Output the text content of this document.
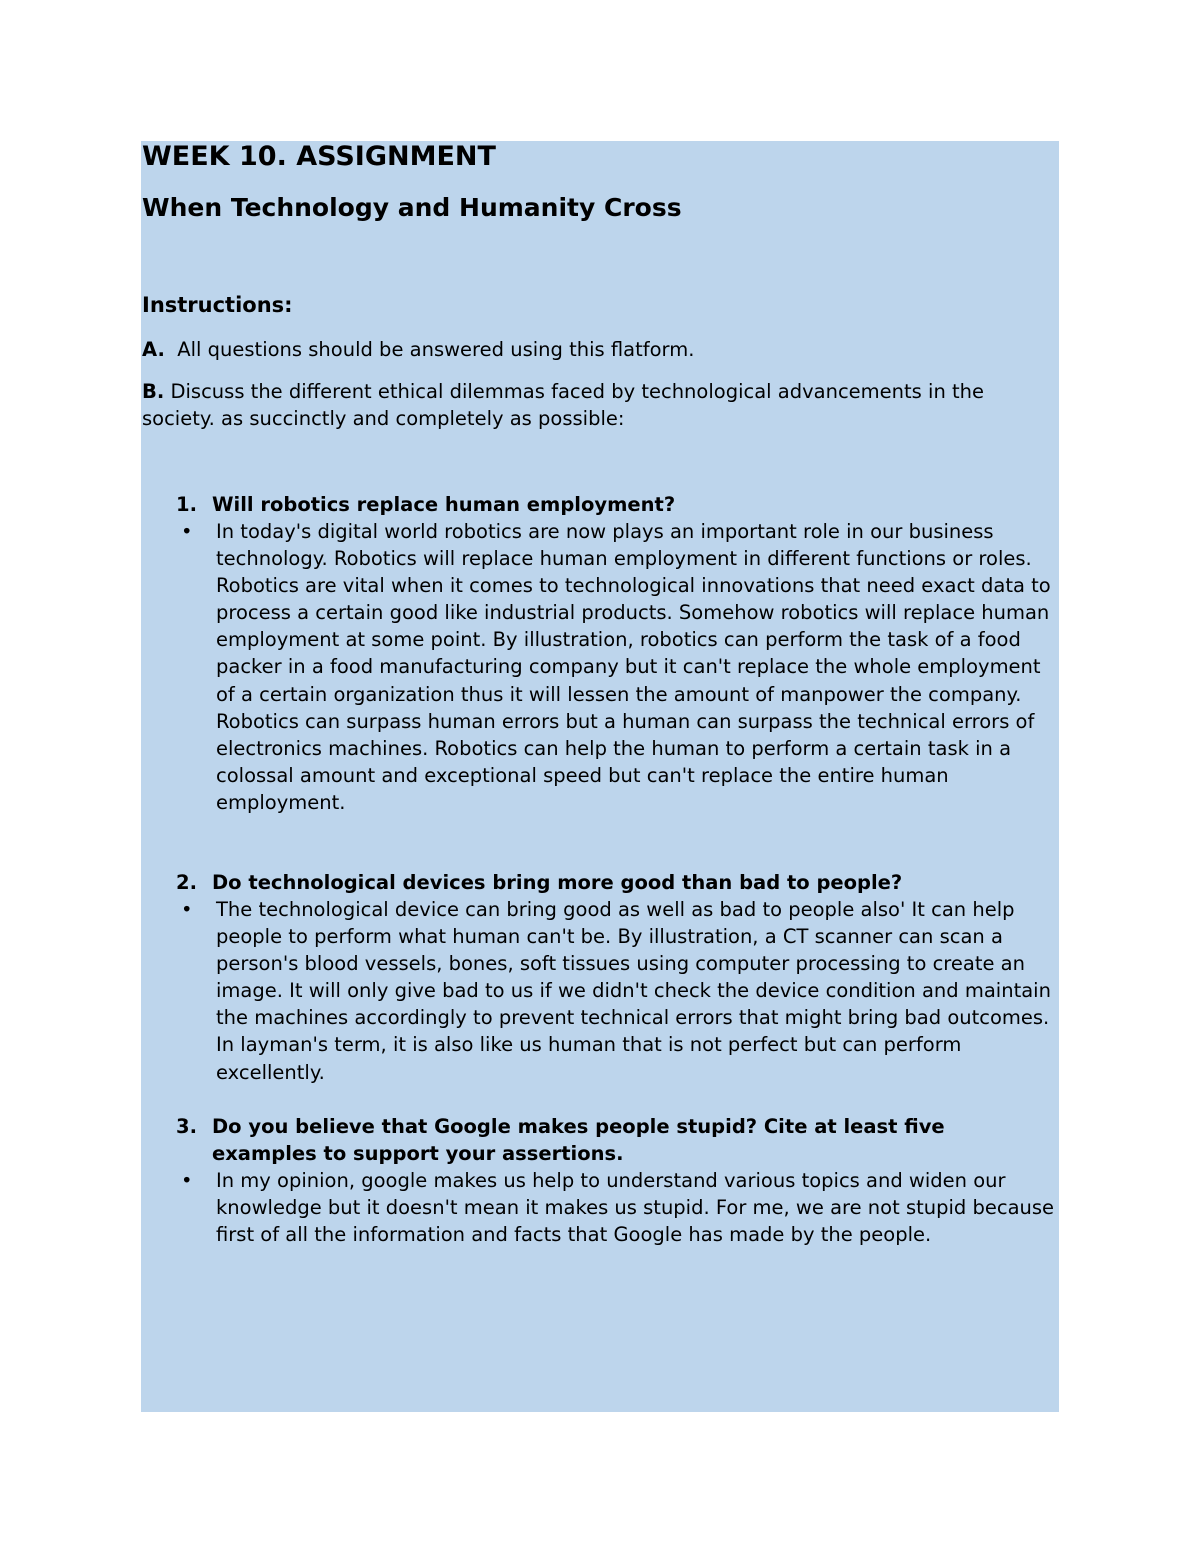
WEEK 10. ASSIGNMENT
When Technology and Humanity Cross
Instructions:
A. All questions should be answered using this flatform.
B. Discuss the different ethical dilemmas faced by technological advancements in the society. as succinctly and completely as possible:
1. Will robotics replace human employment?
•	In today's digital world robotics are now plays an important role in our business technology. Robotics will replace human employment in different functions or roles. Robotics are vital when it comes to technological innovations that need exact data to process a certain good like industrial products. Somehow robotics will replace human employment at some point. By illustration, robotics can perform the task of a food packer in a food manufacturing company but it can't replace the whole employment of a certain organization thus it will lessen the amount of manpower the company. Robotics can surpass human errors but a human can surpass the technical errors of electronics machines. Robotics can help the human to perform a certain task in a colossal amount and exceptional speed but can't replace the entire human employment.
2. Do technological devices bring more good than bad to people?
•	The technological device can bring good as well as bad to people also' It can help people to perform what human can't be. By illustration, a CT scanner can scan a person's blood vessels, bones, soft tissues using computer processing to create an image. It will only give bad to us if we didn't check the device condition and maintain the machines accordingly to prevent technical errors that might bring bad outcomes. In layman's term, it is also like us human that is not perfect but can perform excellently.
3. Do you believe that Google makes people stupid? Cite at least five examples to support your assertions.
•	In my opinion, google makes us help to understand various topics and widen our knowledge but it doesn't mean it makes us stupid. For me, we are not stupid because first of all the information and facts that Google has made by the people.
